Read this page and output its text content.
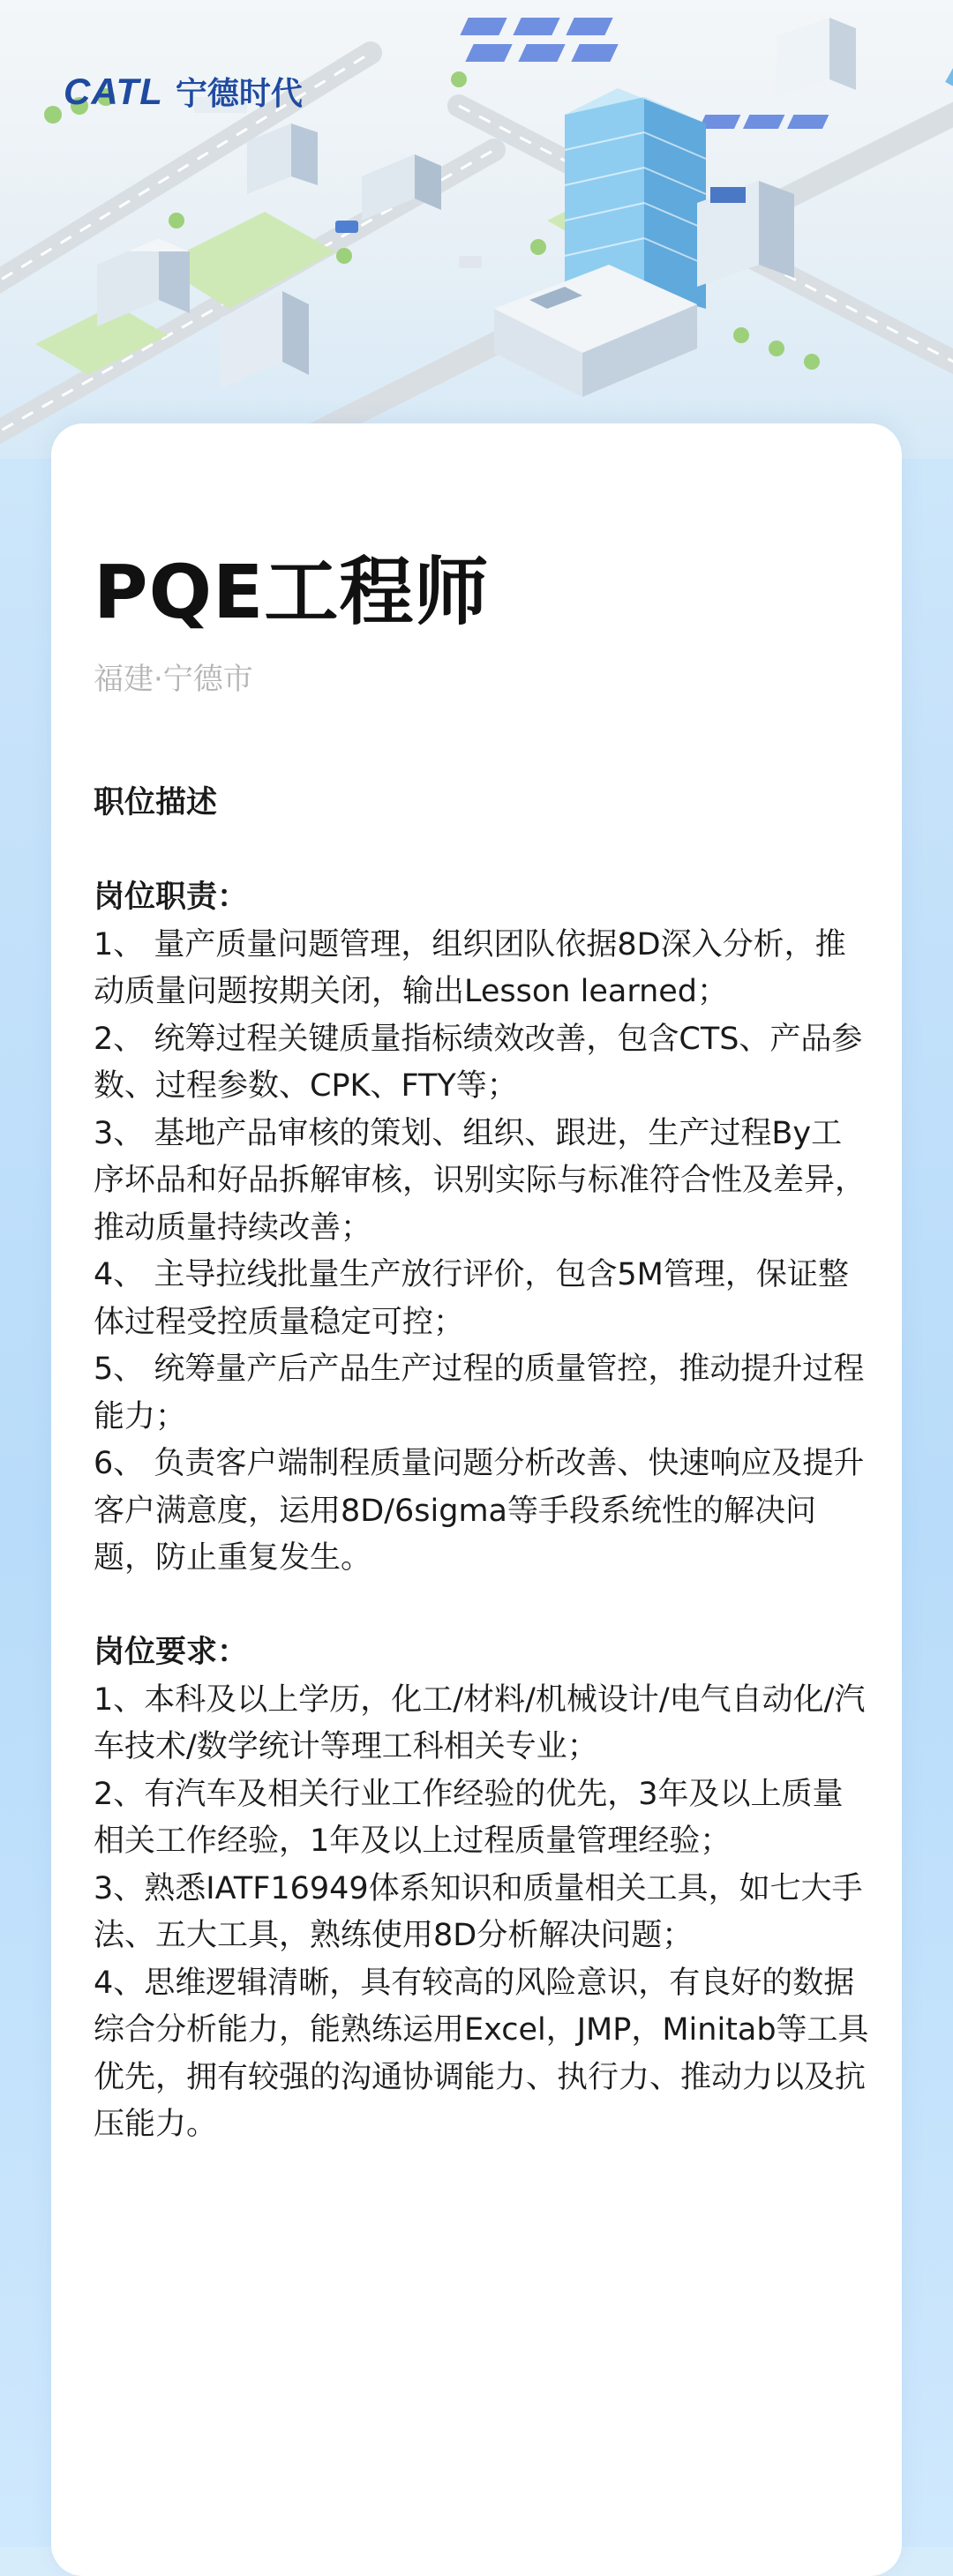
CATL 宁德时代
PQE工程师
福建·宁德市

职位描述

岗位职责：

1、 量产质量问题管理，组织团队依据8D深入分析，推动质量问题按期关闭，输出Lesson learned；

2、 统筹过程关键质量指标绩效改善，包含CTS、产品参数、过程参数、CPK、FTY等；

3、 基地产品审核的策划、组织、跟进，生产过程By工序坏品和好品拆解审核，识别实际与标准符合性及差异，推动质量持续改善；

4、 主导拉线批量生产放行评价，包含5M管理，保证整体过程受控质量稳定可控；

5、 统筹量产后产品生产过程的质量管控，推动提升过程能力；

6、 负责客户端制程质量问题分析改善、快速响应及提升客户满意度，运用8D/6sigma等手段系统性的解决问题，防止重复发生。

岗位要求：

1、本科及以上学历，化工/材料/机械设计/电气自动化/汽车技术/数学统计等理工科相关专业；

2、有汽车及相关行业工作经验的优先，3年及以上质量相关工作经验，1年及以上过程质量管理经验；

3、熟悉IATF16949体系知识和质量相关工具，如七大手法、五大工具，熟练使用8D分析解决问题；

4、思维逻辑清晰，具有较高的风险意识，有良好的数据综合分析能力，能熟练运用Excel，JMP，Minitab等工具优先，拥有较强的沟通协调能力、执行力、推动力以及抗压能力。
